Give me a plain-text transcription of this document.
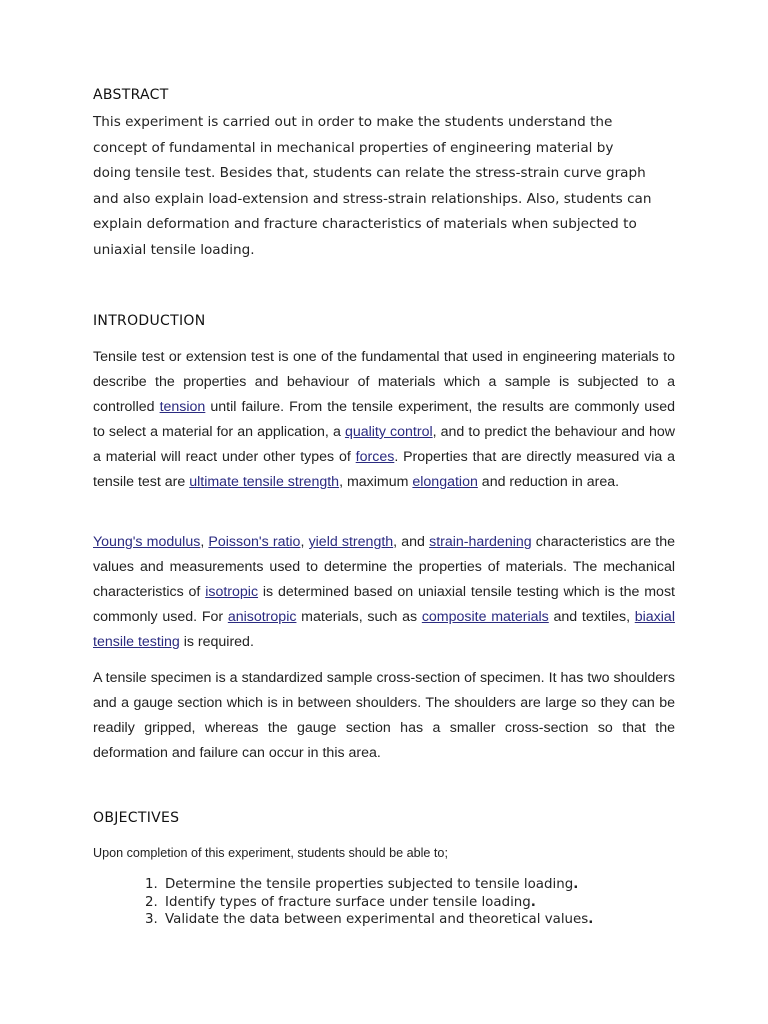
ABSTRACT
This experiment is carried out in order to make the students understand the concept of fundamental in mechanical properties of engineering material by doing tensile test. Besides that, students can relate the stress-strain curve graph and also explain load-extension and stress-strain relationships. Also, students can explain deformation and fracture characteristics of materials when subjected to uniaxial tensile loading.
INTRODUCTION
Tensile test or extension test is one of the fundamental that used in engineering materials to describe the properties and behaviour of materials which a sample is subjected to a controlled tension until failure. From the tensile experiment, the results are commonly used to select a material for an application, a quality control, and to predict the behaviour and how a material will react under other types of forces. Properties that are directly measured via a tensile test are ultimate tensile strength, maximum elongation and reduction in area.
Young's modulus, Poisson's ratio, yield strength, and strain-hardening characteristics are the values and measurements used to determine the properties of materials. The mechanical characteristics of isotropic is determined based on uniaxial tensile testing which is the most commonly used. For anisotropic materials, such as composite materials and textiles, biaxial tensile testing is required.
A tensile specimen is a standardized sample cross-section of specimen. It has two shoulders and a gauge section which is in between shoulders. The shoulders are large so they can be readily gripped, whereas the gauge section has a smaller cross-section so that the deformation and failure can occur in this area.
OBJECTIVES
Upon completion of this experiment, students should be able to;
1. Determine the tensile properties subjected to tensile loading.
2. Identify types of fracture surface under tensile loading.
3. Validate the data between experimental and theoretical values.
